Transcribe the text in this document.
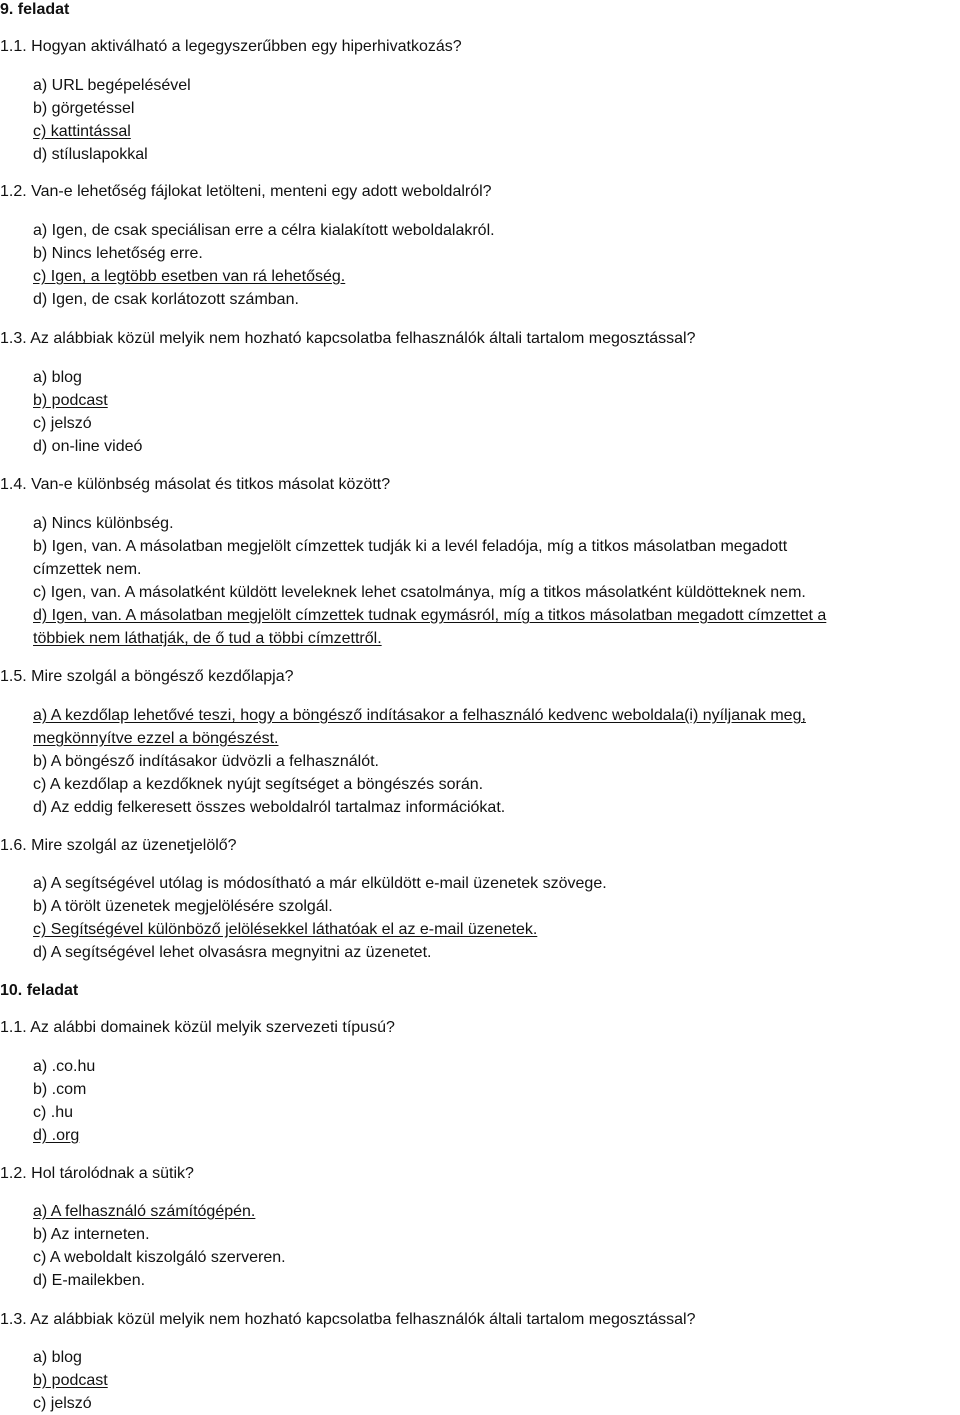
9. feladat
1.1. Hogyan aktiválható a legegyszerűbben egy hiperhivatkozás?
a) URL begépelésével
b) görgetéssel
c) kattintással
d) stíluslapokkal
1.2. Van-e lehetőség fájlokat letölteni, menteni egy adott weboldalról?
a) Igen, de csak speciálisan erre a célra kialakított weboldalakról.
b) Nincs lehetőség erre.
c) Igen, a legtöbb esetben van rá lehetőség.
d) Igen, de csak korlátozott számban.
1.3. Az alábbiak közül melyik nem hozható kapcsolatba felhasználók általi tartalom megosztással?
a) blog
b) podcast
c) jelszó
d) on-line videó
1.4. Van-e különbség másolat és titkos másolat között?
a) Nincs különbség.
b) Igen, van. A másolatban megjelölt címzettek tudják ki a levél feladója, míg a titkos másolatban megadott
címzettek nem.
c) Igen, van. A másolatként küldött leveleknek lehet csatolmánya, míg a titkos másolatként küldötteknek nem.
d) Igen, van. A másolatban megjelölt címzettek tudnak egymásról, míg a titkos másolatban megadott címzettet a
többiek nem láthatják, de ő tud a többi címzettről.
1.5. Mire szolgál a böngésző kezdőlapja?
a) A kezdőlap lehetővé teszi, hogy a böngésző indításakor a felhasználó kedvenc weboldala(i) nyíljanak meg,
megkönnyítve ezzel a böngészést.
b) A böngésző indításakor üdvözli a felhasználót.
c) A kezdőlap a kezdőknek nyújt segítséget a böngészés során.
d) Az eddig felkeresett összes weboldalról tartalmaz információkat.
1.6. Mire szolgál az üzenetjelölő?
a) A segítségével utólag is módosítható a már elküldött e-mail üzenetek szövege.
b) A törölt üzenetek megjelölésére szolgál.
c) Segítségével különböző jelölésekkel láthatóak el az e-mail üzenetek.
d) A segítségével lehet olvasásra megnyitni az üzenetet.
10. feladat
1.1. Az alábbi domainek közül melyik szervezeti típusú?
a) .co.hu
b) .com
c) .hu
d) .org
1.2. Hol tárolódnak a sütik?
a) A felhasználó számítógépén.
b) Az interneten.
c) A weboldalt kiszolgáló szerveren.
d) E-mailekben.
1.3. Az alábbiak közül melyik nem hozható kapcsolatba felhasználók általi tartalom megosztással?
a) blog
b) podcast
c) jelszó
